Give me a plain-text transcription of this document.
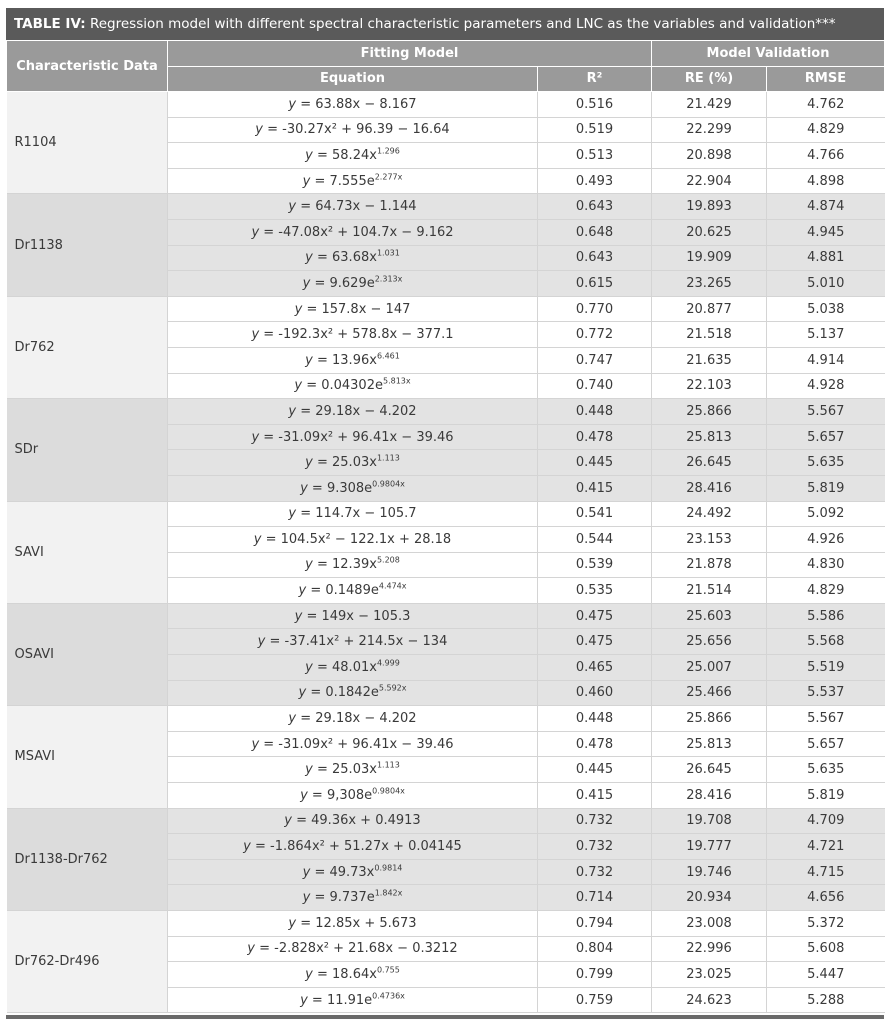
TABLE IV: Regression model with different spectral characteristic parameters and LNC as the variables and validation***
Characteristic Data	Fitting Model		Model Validation	
	Equation	R²	RE (%)	RMSE
R1104	y = 63.88x − 8.167	0.516	21.429	4.762
	y = -30.27x² + 96.39 − 16.64	0.519	22.299	4.829
	$y = 58.24x^{1.296}$	0.513	20.898	4.766
	$y = 7.555e^{2.277x}$	0.493	22.904	4.898
Dr1138	y = 64.73x − 1.144	0.643	19.893	4.874
	y = -47.08x² + 104.7x − 9.162	0.648	20.625	4.945
	$y = 63.68x^{1.031}$	0.643	19.909	4.881
	$y = 9.629e^{2.313x}$	0.615	23.265	5.010
Dr762	y = 157.8x − 147	0.770	20.877	5.038
	y = -192.3x² + 578.8x − 377.1	0.772	21.518	5.137
	$y = 13.96x^{6.461}$	0.747	21.635	4.914
	$y = 0.04302e^{5.813x}$	0.740	22.103	4.928
SDr	y = 29.18x − 4.202	0.448	25.866	5.567
	y = -31.09x² + 96.41x − 39.46	0.478	25.813	5.657
	$y = 25.03x^{1.113}$	0.445	26.645	5.635
	$y = 9.308e^{0.9804x}$	0.415	28.416	5.819
SAVI	y = 114.7x − 105.7	0.541	24.492	5.092
	y = 104.5x² − 122.1x + 28.18	0.544	23.153	4.926
	$y = 12.39x^{5.208}$	0.539	21.878	4.830
	$y = 0.1489e^{4.474x}$	0.535	21.514	4.829
OSAVI	y = 149x − 105.3	0.475	25.603	5.586
	y = -37.41x² + 214.5x − 134	0.475	25.656	5.568
	$y = 48.01x^{4.999}$	0.465	25.007	5.519
	$y = 0.1842e^{5.592x}$	0.460	25.466	5.537
MSAVI	y = 29.18x − 4.202	0.448	25.866	5.567
	y = -31.09x² + 96.41x − 39.46	0.478	25.813	5.657
	$y = 25.03x^{1.113}$	0.445	26.645	5.635
	$y = 9,308e^{0.9804x}$	0.415	28.416	5.819
Dr1138-Dr762	y = 49.36x + 0.4913	0.732	19.708	4.709
	y = -1.864x² + 51.27x + 0.04145	0.732	19.777	4.721
	$y = 49.73x^{0.9814}$	0.732	19.746	4.715
	$y = 9.737e^{1.842x}$	0.714	20.934	4.656
Dr762-Dr496	y = 12.85x + 5.673	0.794	23.008	5.372
	y = -2.828x² + 21.68x − 0.3212	0.804	22.996	5.608
	$y = 18.64x^{0.755}$	0.799	23.025	5.447
	$y = 11.91e^{0.4736x}$	0.759	24.623	5.288
